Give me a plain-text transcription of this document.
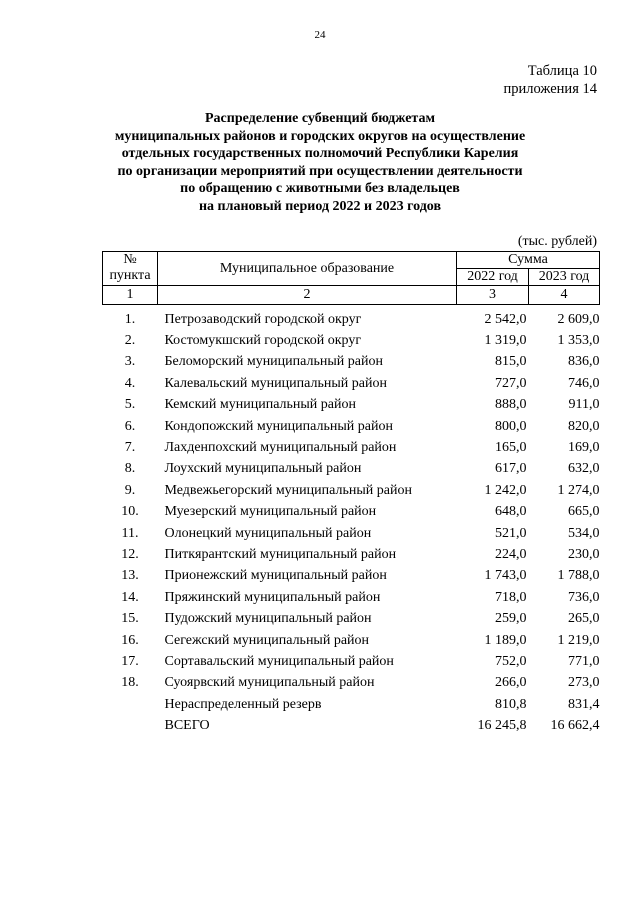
24
Таблица 10
приложения 14
Распределение субвенций бюджетам
муниципальных районов и городских округов на осуществление
отдельных государственных полномочий Республики Карелия
по организации мероприятий при осуществлении деятельности
по обращению с животными без владельцев
на плановый период 2022 и 2023 годов
(тыс. рублей)
№
пункта	Муниципальное образование	Сумма	
		2022 год	2023 год
1	2	3	4

1.	Петрозаводский городской округ	2 542,0	2 609,0
2.	Костомукшский городской округ	1 319,0	1 353,0
3.	Беломорский муниципальный район	815,0	836,0
4.	Калевальский муниципальный район	727,0	746,0
5.	Кемский муниципальный район	888,0	911,0
6.	Кондопожский муниципальный район	800,0	820,0
7.	Лахденпохский муниципальный район	165,0	169,0
8.	Лоухский муниципальный район	617,0	632,0
9.	Медвежьегорский муниципальный район	1 242,0	1 274,0
10.	Муезерский муниципальный район	648,0	665,0
11.	Олонецкий муниципальный район	521,0	534,0
12.	Питкярантский муниципальный район	224,0	230,0
13.	Прионежский муниципальный район	1 743,0	1 788,0
14.	Пряжинский муниципальный район	718,0	736,0
15.	Пудожский муниципальный район	259,0	265,0
16.	Сегежский муниципальный район	1 189,0	1 219,0
17.	Сортавальский муниципальный район	752,0	771,0
18.	Суоярвский муниципальный район	266,0	273,0
	Нераспределенный резерв	810,8	831,4
	ВСЕГО	16 245,8	16 662,4
